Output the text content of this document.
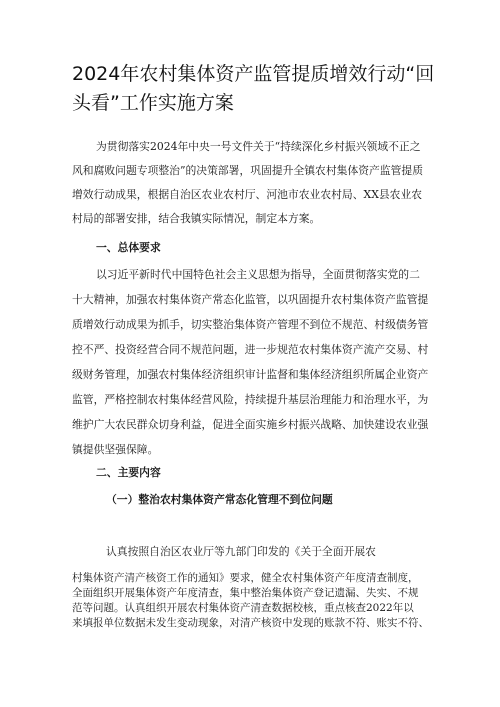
2024年农村集体资产监管提质增效行动“回
头看”工作实施方案
为贯彻落实2024年中央一号文件关于“持续深化乡村振兴领域不正之
风和腐败问题专项整治”的决策部署，巩固提升全镇农村集体资产监管提质
增效行动成果，根据自治区农业农村厅、河池市农业农村局、XX县农业农
村局的部署安排，结合我镇实际情况，制定本方案。
一、总体要求
以习近平新时代中国特色社会主义思想为指导，全面贯彻落实党的二
十大精神，加强农村集体资产常态化监管，以巩固提升农村集体资产监管提
质增效行动成果为抓手，切实整治集体资产管理不到位不规范、村级债务管
控不严、投资经营合同不规范问题，进一步规范农村集体资产流产交易、村
级财务管理，加强农村集体经济组织审计监督和集体经济组织所属企业资产
监管，严格控制农村集体经营风险，持续提升基层治理能力和治理水平，为
维护广大农民群众切身利益，促进全面实施乡村振兴战略、加快建设农业强
镇提供坚强保障。
二、主要内容
（一）整治农村集体资产常态化管理不到位问题
认真按照自治区农业厅等九部门印发的《关于全面开展农
村集体资产清产核资工作的通知》要求，健全农村集体资产年度清查制度，
全面组织开展集体资产年度清查，集中整治集体资产登记遗漏、失实、不规
范等问题。认真组织开展农村集体资产清查数据校核，重点核查2022年以
来填报单位数据未发生变动现象，对清产核资中发现的账款不符、账实不符、
